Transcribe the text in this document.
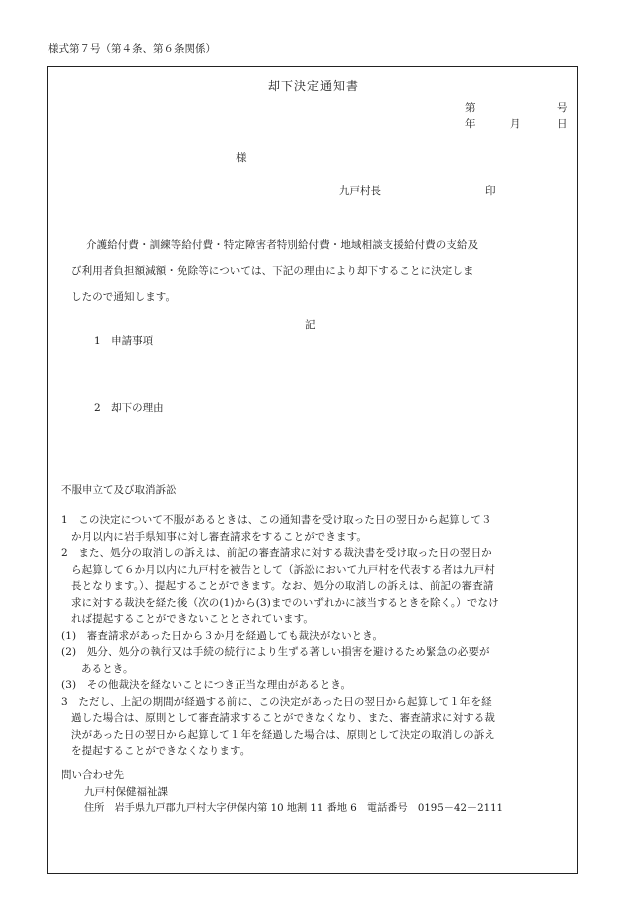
様式第７号（第４条、第６条関係）
却下決定通知書
第	号
年	月	日
様
九戸村長	印
介護給付費・訓練等給付費・特定障害者特別給付費・地域相談支援給付費の支給及
び利用者負担額減額・免除等については、下記の理由により却下することに決定しま
したので通知します。
記
1　申請事項
2　却下の理由
不服申立て及び取消訴訟
1　この決定について不服があるときは、この通知書を受け取った日の翌日から起算して３
か月以内に岩手県知事に対し審査請求をすることができます。
2　また、処分の取消しの訴えは、前記の審査請求に対する裁決書を受け取った日の翌日か
ら起算して６か月以内に九戸村を被告として（訴訟において九戸村を代表する者は九戸村
長となります。）、提起することができます。なお、処分の取消しの訴えは、前記の審査請
求に対する裁決を経た後（次の(1)から(3)までのいずれかに該当するときを除く。）でなけ
れば提起することができないこととされています。
(1)　審査請求があった日から３か月を経過しても裁決がないとき。
(2)　処分、処分の執行又は手続の続行により生ずる著しい損害を避けるため緊急の必要が
あるとき。
(3)　その他裁決を経ないことにつき正当な理由があるとき。
3　ただし、上記の期間が経過する前に、この決定があった日の翌日から起算して１年を経
過した場合は、原則として審査請求することができなくなり、また、審査請求に対する裁
決があった日の翌日から起算して１年を経過した場合は、原則として決定の取消しの訴え
を提起することができなくなります。
問い合わせ先
九戸村保健福祉課
住所　岩手県九戸郡九戸村大字伊保内第 10 地割 11 番地 6　電話番号　0195－42－2111
